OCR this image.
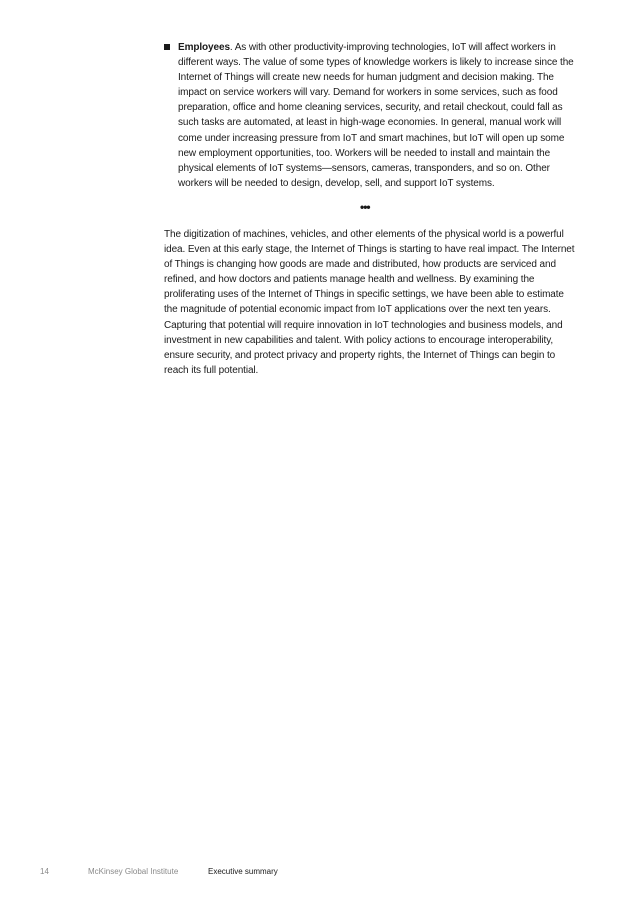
Employees. As with other productivity-improving technologies, IoT will affect workers in different ways. The value of some types of knowledge workers is likely to increase since the Internet of Things will create new needs for human judgment and decision making. The impact on service workers will vary. Demand for workers in some services, such as food preparation, office and home cleaning services, security, and retail checkout, could fall as such tasks are automated, at least in high-wage economies. In general, manual work will come under increasing pressure from IoT and smart machines, but IoT will open up some new employment opportunities, too. Workers will be needed to install and maintain the physical elements of IoT systems—sensors, cameras, transponders, and so on. Other workers will be needed to design, develop, sell, and support IoT systems.

•••

The digitization of machines, vehicles, and other elements of the physical world is a powerful idea. Even at this early stage, the Internet of Things is starting to have real impact. The Internet of Things is changing how goods are made and distributed, how products are serviced and refined, and how doctors and patients manage health and wellness. By examining the proliferating uses of the Internet of Things in specific settings, we have been able to estimate the magnitude of potential economic impact from IoT applications over the next ten years. Capturing that potential will require innovation in IoT technologies and business models, and investment in new capabilities and talent. With policy actions to encourage interoperability, ensure security, and protect privacy and property rights, the Internet of Things can begin to reach its full potential.

14	McKinsey Global Institute	Executive summary
